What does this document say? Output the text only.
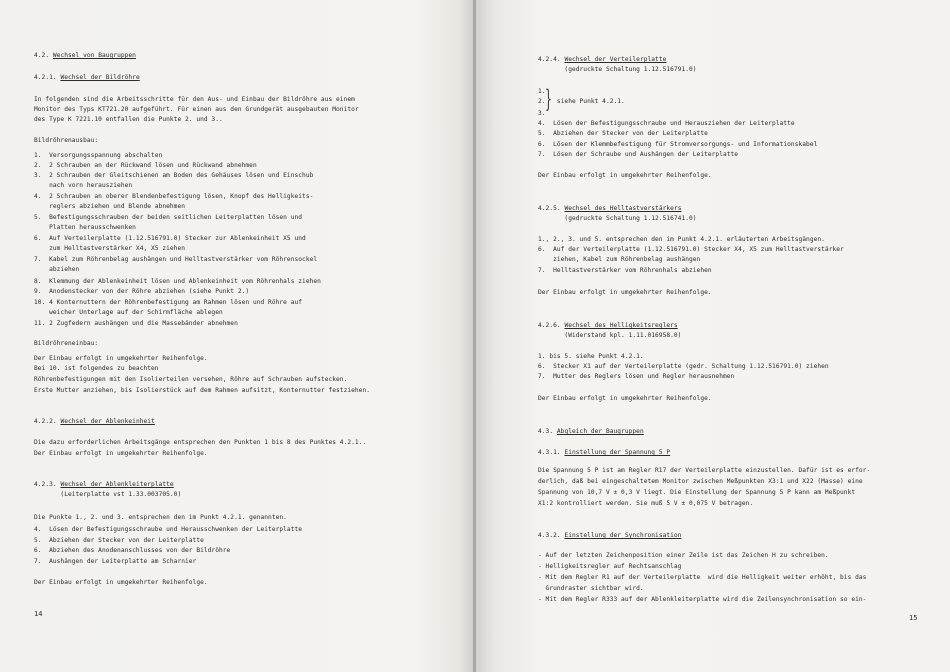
4.2. Wechsel von Baugruppen
4.2.1. Wechsel der Bildröhre
In folgenden sind die Arbeitsschritte für den Aus- und Einbau der Bildröhre aus einem
Monitor des Typs KT721.20 aufgeführt. Für einen aus den Grundgerät ausgebauten Monitor
des Type K 7221.10 entfallen die Punkte 2. und 3..
Bildröhrenausbau:
1.  Versorgungsspannung abschalten
2.  2 Schrauben an der Rückwand lösen und Rückwand abnehmen
3.  2 Schrauben der Gleitschienen am Boden des Gehäuses lösen und Einschub
nach vorn herausziehen
4.  2 Schrauben an oberer Blendenbefestigung lösen, Knopf des Helligkeits-
reglers abziehen und Blende abnehmen
5.  Befestigungsschrauben der beiden seitlichen Leiterplatten lösen und
Platten herausschwenken
6.  Auf Verteilerplatte (1.12.516791.0) Stecker zur Ablenkeinheit X5 und
zum Helltastverstärker X4, X5 ziehen
7.  Kabel zum Röhrenbelag aushängen und Helltastverstärker vom Röhrensockel
abziehen
8.  Klemmung der Ablenkeinheit lösen und Ablenkeinheit vom Röhrenhals ziehen
9.  Anodenstecker von der Röhre abziehen (siehe Punkt 2.)
10. 4 Konternuttern der Röhrenbefestigung am Rahmen lösen und Röhre auf
weicher Unterlage auf der Schirmfläche ablegen
11. 2 Zugfedern aushängen und die Massebänder abnehmen
Bildröhreneinbau:
Der Einbau erfolgt in umgekehrter Reihenfolge.
Bei 10. ist folgendes zu beachten
Röhrenbefestigungen mit den Isolierteilen versehen, Röhre auf Schrauben aufstecken.
Erste Mutter anziehen, bis Isolierstück auf dem Rahmen aufsitzt, Konternutter festziehen.
4.2.2. Wechsel der Ablenkeinheit
Die dazu erforderlichen Arbeitsgänge entsprechen den Punkten 1 bis 8 des Punktes 4.2.1..
Der Einbau erfolgt in umgekehrter Reihenfolge.
4.2.3. Wechsel der Ablenkleiterplatte
(Leiterplatte vst 1.33.003705.0)
Die Punkte 1., 2. und 3. entsprechen den im Punkt 4.2.1. genannten.
4.  Lösen der Befestigungsschraube und Herausschwenken der Leiterplatte
5.  Abziehen der Stecker von der Leiterplatte
6.  Abziehen des Anodenanschlusses von der Bildröhre
7.  Aushängen der Leiterplatte am Scharnier
Der Einbau erfolgt in umgekehrter Reihenfolge.
14
4.2.4. Wechsel der Verteilerplatte
(gedruckte Schaltung 1.12.516791.0)
1.
2.   siehe Punkt 4.2.1.
3.
4.  Lösen der Befestigungsschraube und Herausziehen der Leiterplatte
5.  Abziehen der Stecker von der Leiterplatte
6.  Lösen der Klemmbefestigung für Stromversorgungs- und Informationskabel
7.  Lösen der Schraube und Aushängen der Leiterplatte
Der Einbau erfolgt in umgekehrter Reihenfolge.
4.2.5. Wechsel des Helltastverstärkers
(gedruckte Schaltung 1.12.516741.0)
1., 2., 3. und 5. entsprechen den im Punkt 4.2.1. erläuterten Arbeitsgängen.
6.  Auf der Verteilerplatte (1.12.516791.0) Stecker X4, X5 zum Helltastverstärker
ziehen, Kabel zum Röhrenbelag aushängen
7.  Helltastverstärker vom Röhrenhals abziehen
Der Einbau erfolgt in umgekehrter Reihenfolge.
4.2.6. Wechsel des Helligkeitsreglers
(Widerstand kpl. 1.11.016958.0)
1. bis 5. siehe Punkt 4.2.1.
6.  Stecker X1 auf der Verteilerplatte (gedr. Schaltung 1.12.516791.0) ziehen
7.  Mutter des Reglers lösen und Regler herausnehmen
Der Einbau erfolgt in umgekehrter Reihenfolge.
4.3. Abgleich der Baugruppen
4.3.1. Einstellung der Spannung 5 P
Die Spannung 5 P ist am Regler R17 der Verteilerplatte einzustellen. Dafür ist es erfor-
derlich, daß bei eingeschaltetem Monitor zwischen Meßpunkten X3:1 und X22 (Masse) eine
Spannung von 10,7 V ± 0,3 V liegt. Die Einstellung der Spannung 5 P kann am Meßpunkt
X1:2 kontrolliert werden. Sie muß 5 V ± 0,075 V betragen.
4.3.2. Einstellung der Synchronisation
- Auf der letzten Zeichenposition einer Zeile ist das Zeichen H zu schreiben.
- Helligkeitsregler auf Rechtsanschlag
- Mit dem Regler R1 auf der Verteilerplatte  wird die Helligkeit weiter erhöht, bis das
Grundraster sichtbar wird.
- Mit dem Regler R333 auf der Ablenkleiterplatte wird die Zeilensynchronisation so ein-
}
15
